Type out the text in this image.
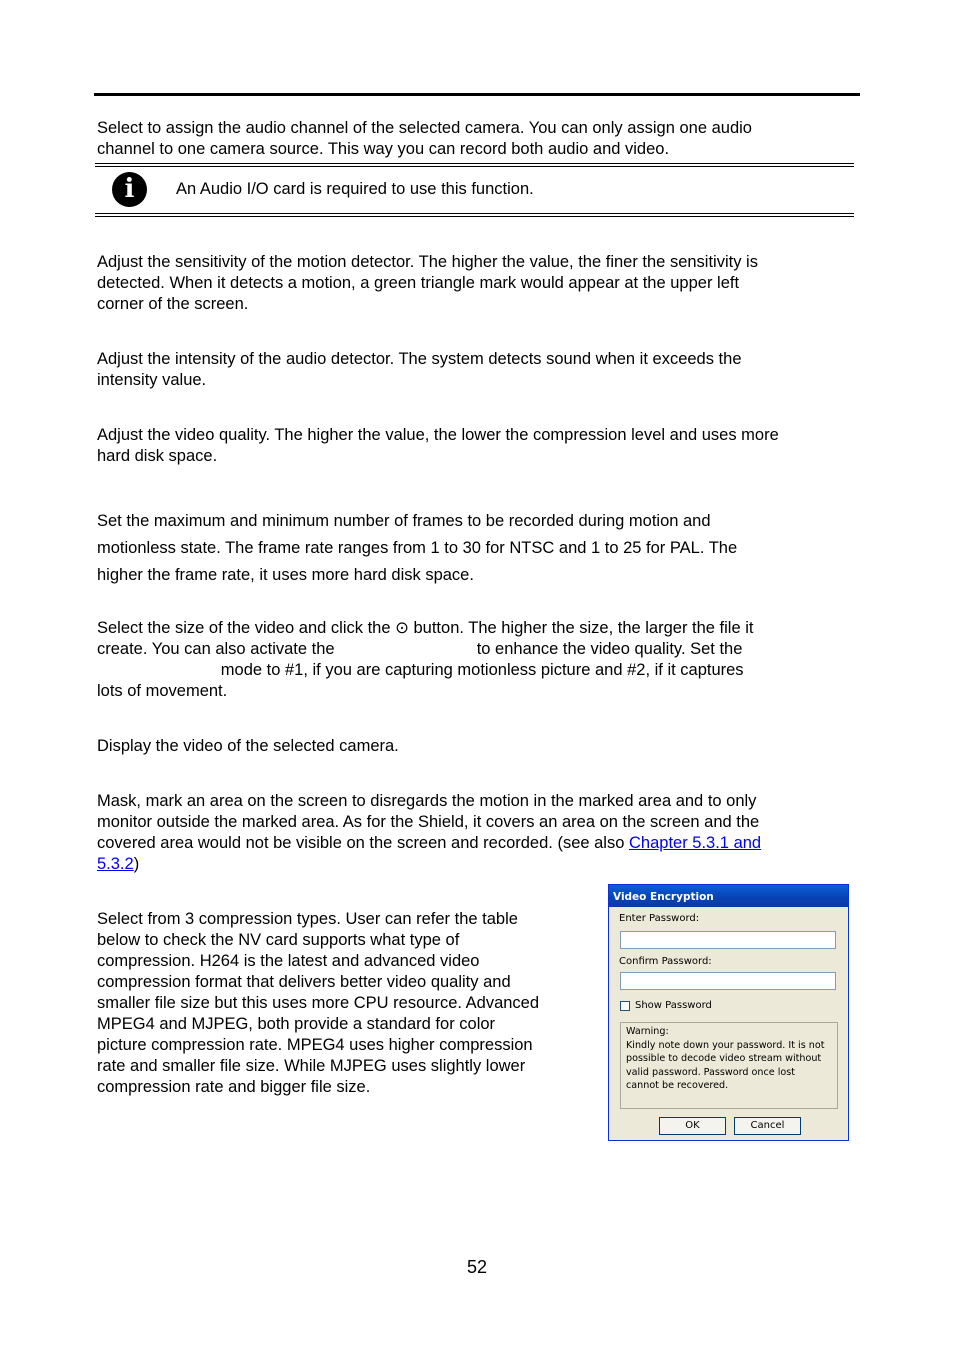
Select to assign the audio channel of the selected camera. You can only assign one audio
channel to one camera source. This way you can record both audio and video.

i	An Audio I/O card is required to use this function.

Adjust the sensitivity of the motion detector. The higher the value, the finer the sensitivity is
detected. When it detects a motion, a green triangle mark would appear at the upper left
corner of the screen.

Adjust the intensity of the audio detector. The system detects sound when it exceeds the
intensity value.

Adjust the video quality. The higher the value, the lower the compression level and uses more
hard disk space.

Set the maximum and minimum number of frames to be recorded during motion and
motionless state. The frame rate ranges from 1 to 30 for NTSC and 1 to 25 for PAL. The
higher the frame rate, it uses more hard disk space.

Select the size of the video and click the ⊙ button. The higher the size, the larger the file it
create. You can also activate the                               to enhance the video quality. Set the
mode to #1, if you are capturing motionless picture and #2, if it captures
lots of movement.

Display the video of the selected camera.

Mask, mark an area on the screen to disregards the motion in the marked area and to only
monitor outside the marked area. As for the Shield, it covers an area on the screen and the
covered area would not be visible on the screen and recorded. (see also Chapter 5.3.1 and
5.3.2)

Select from 3 compression types. User can refer the table
below to check the NV card supports what type of
compression. H264 is the latest and advanced video
compression format that delivers better video quality and
smaller file size but this uses more CPU resource. Advanced
MPEG4 and MJPEG, both provide a standard for color
picture compression rate. MPEG4 uses higher compression
rate and smaller file size. While MJPEG uses slightly lower
compression rate and bigger file size.

Video Encryption
Enter Password:
Confirm Password:
Show Password
Warning:
Kindly note down your password. It is not
possible to decode video stream without
valid password. Password once lost
cannot be recovered.
OK	Cancel
52
